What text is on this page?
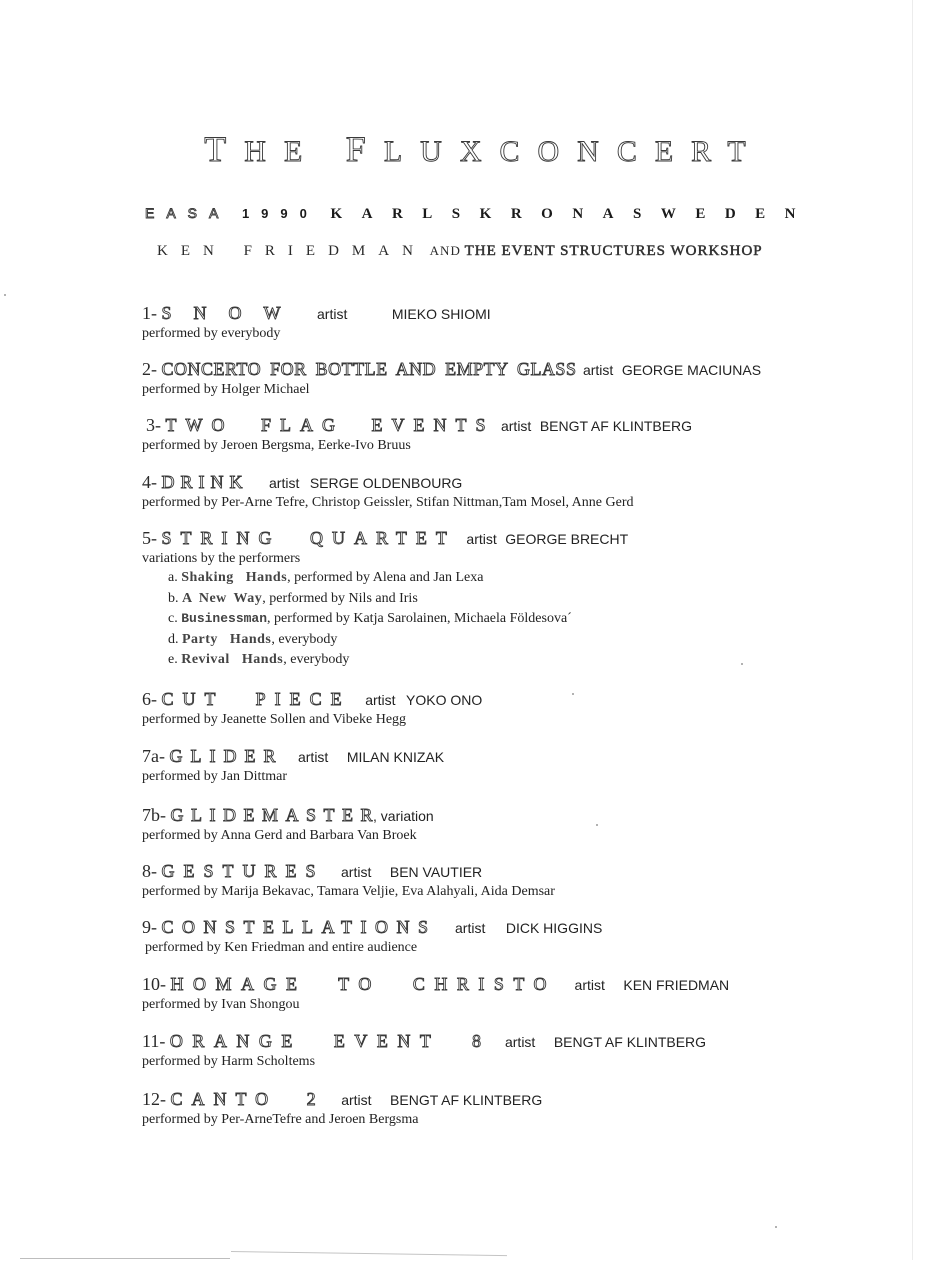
THE FLUXCONCERT
EASA 1990 KARLSKRONASWEDEN
KEN FRIEDMAN AND THE EVENT STRUCTURES WORKSHOP
1- SNOW artist	MIEKO SHIOMI
performed by everybody
2- CONCERTO FOR BOTTLE AND EMPTY GLASS artist GEORGE MACIUNAS
performed by Holger Michael
3- TWO FLAG EVENTS artist BENGT AF KLINTBERG
performed by Jeroen Bergsma, Eerke-Ivo Bruus
4- DRINK artist SERGE OLDENBOURG
performed by Per-Arne Tefre, Christop Geissler, Stifan Nittman,Tam Mosel, Anne Gerd
5- STRING QUARTET artist GEORGE BRECHT
variations by the performers
a. Shaking Hands, performed by Alena and Jan Lexa
b. A New Way, performed by Nils and Iris
c. Businessman, performed by Katja Sarolainen, Michaela Földesova´
d. Party Hands, everybody
e. Revival Hands, everybody
6- CUT PIECE artist YOKO ONO
performed by Jeanette Sollen and Vibeke Hegg
7a- GLIDER artist MILAN KNIZAK
performed by Jan Dittmar
7b- GLIDEMASTER, variation
performed by Anna Gerd and Barbara Van Broek
8- GESTURES artist BEN VAUTIER
performed by Marija Bekavac, Tamara Veljie, Eva Alahyali, Aida Demsar
9- CONSTELLATIONS artist DICK HIGGINS
performed by Ken Friedman and entire audience
10- HOMAGE TO CHRISTO artist KEN FRIEDMAN
performed by Ivan Shongou
11- ORANGE EVENT 8 artist BENGT AF KLINTBERG
performed by Harm Scholtems
12- CANTO 2 artist BENGT AF KLINTBERG
performed by Per-ArneTefre and Jeroen Bergsma
